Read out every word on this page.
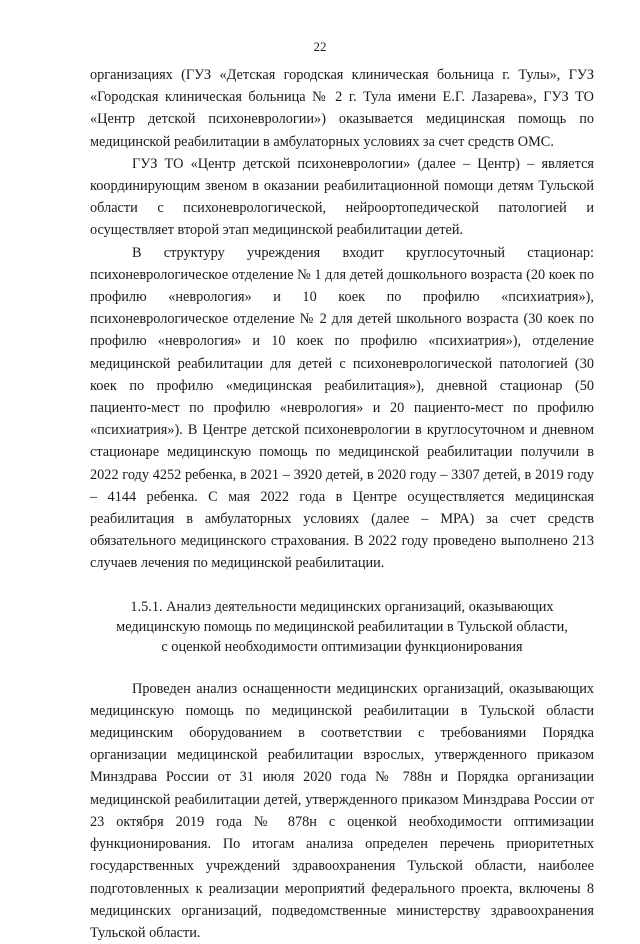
22

организациях (ГУЗ «Детская городская клиническая больница г. Тулы», ГУЗ «Городская клиническая больница № 2 г. Тула имени Е.Г. Лазарева», ГУЗ ТО «Центр детской психоневрологии») оказывается медицинская помощь по медицинской реабилитации в амбулаторных условиях за счет средств ОМС.

ГУЗ ТО «Центр детской психоневрологии» (далее – Центр) – является координирующим звеном в оказании реабилитационной помощи детям Тульской области с психоневрологической, нейроортопедической патологией и осуществляет второй этап медицинской реабилитации детей.

В структуру учреждения входит круглосуточный стационар: психоневрологическое отделение № 1 для детей дошкольного возраста (20 коек по профилю «неврология» и 10 коек по профилю «психиатрия»), психоневрологическое отделение № 2 для детей школьного возраста (30 коек по профилю «неврология» и 10 коек по профилю «психиатрия»), отделение медицинской реабилитации для детей с психоневрологической патологией (30 коек по профилю «медицинская реабилитация»), дневной стационар (50 пациенто-мест по профилю «неврология» и 20 пациенто-мест по профилю «психиатрия»). В Центре детской психоневрологии в круглосуточном и дневном стационаре медицинскую помощь по медицинской реабилитации получили в 2022 году 4252 ребенка, в 2021 – 3920 детей, в 2020 году – 3307 детей, в 2019 году – 4144 ребенка. С мая 2022 года в Центре осуществляется медицинская реабилитация в амбулаторных условиях (далее – МРА) за счет средств обязательного медицинского страхования. В 2022 году проведено выполнено 213 случаев лечения по медицинской реабилитации.

1.5.1. Анализ деятельности медицинских организаций, оказывающих
медицинскую помощь по медицинской реабилитации в Тульской области,
с оценкой необходимости оптимизации функционирования

Проведен анализ оснащенности медицинских организаций, оказывающих медицинскую помощь по медицинской реабилитации в Тульской области медицинским оборудованием в соответствии с требованиями Порядка организации медицинской реабилитации взрослых, утвержденного приказом Минздрава России от 31 июля 2020 года № 788н и Порядка организации медицинской реабилитации детей, утвержденного приказом Минздрава России от 23 октября 2019 года № 878н с оценкой необходимости оптимизации функционирования. По итогам анализа определен перечень приоритетных государственных учреждений здравоохранения Тульской области, наиболее подготовленных к реализации мероприятий федерального проекта, включены 8 медицинских организаций, подведомственные министерству здравоохранения Тульской области.
